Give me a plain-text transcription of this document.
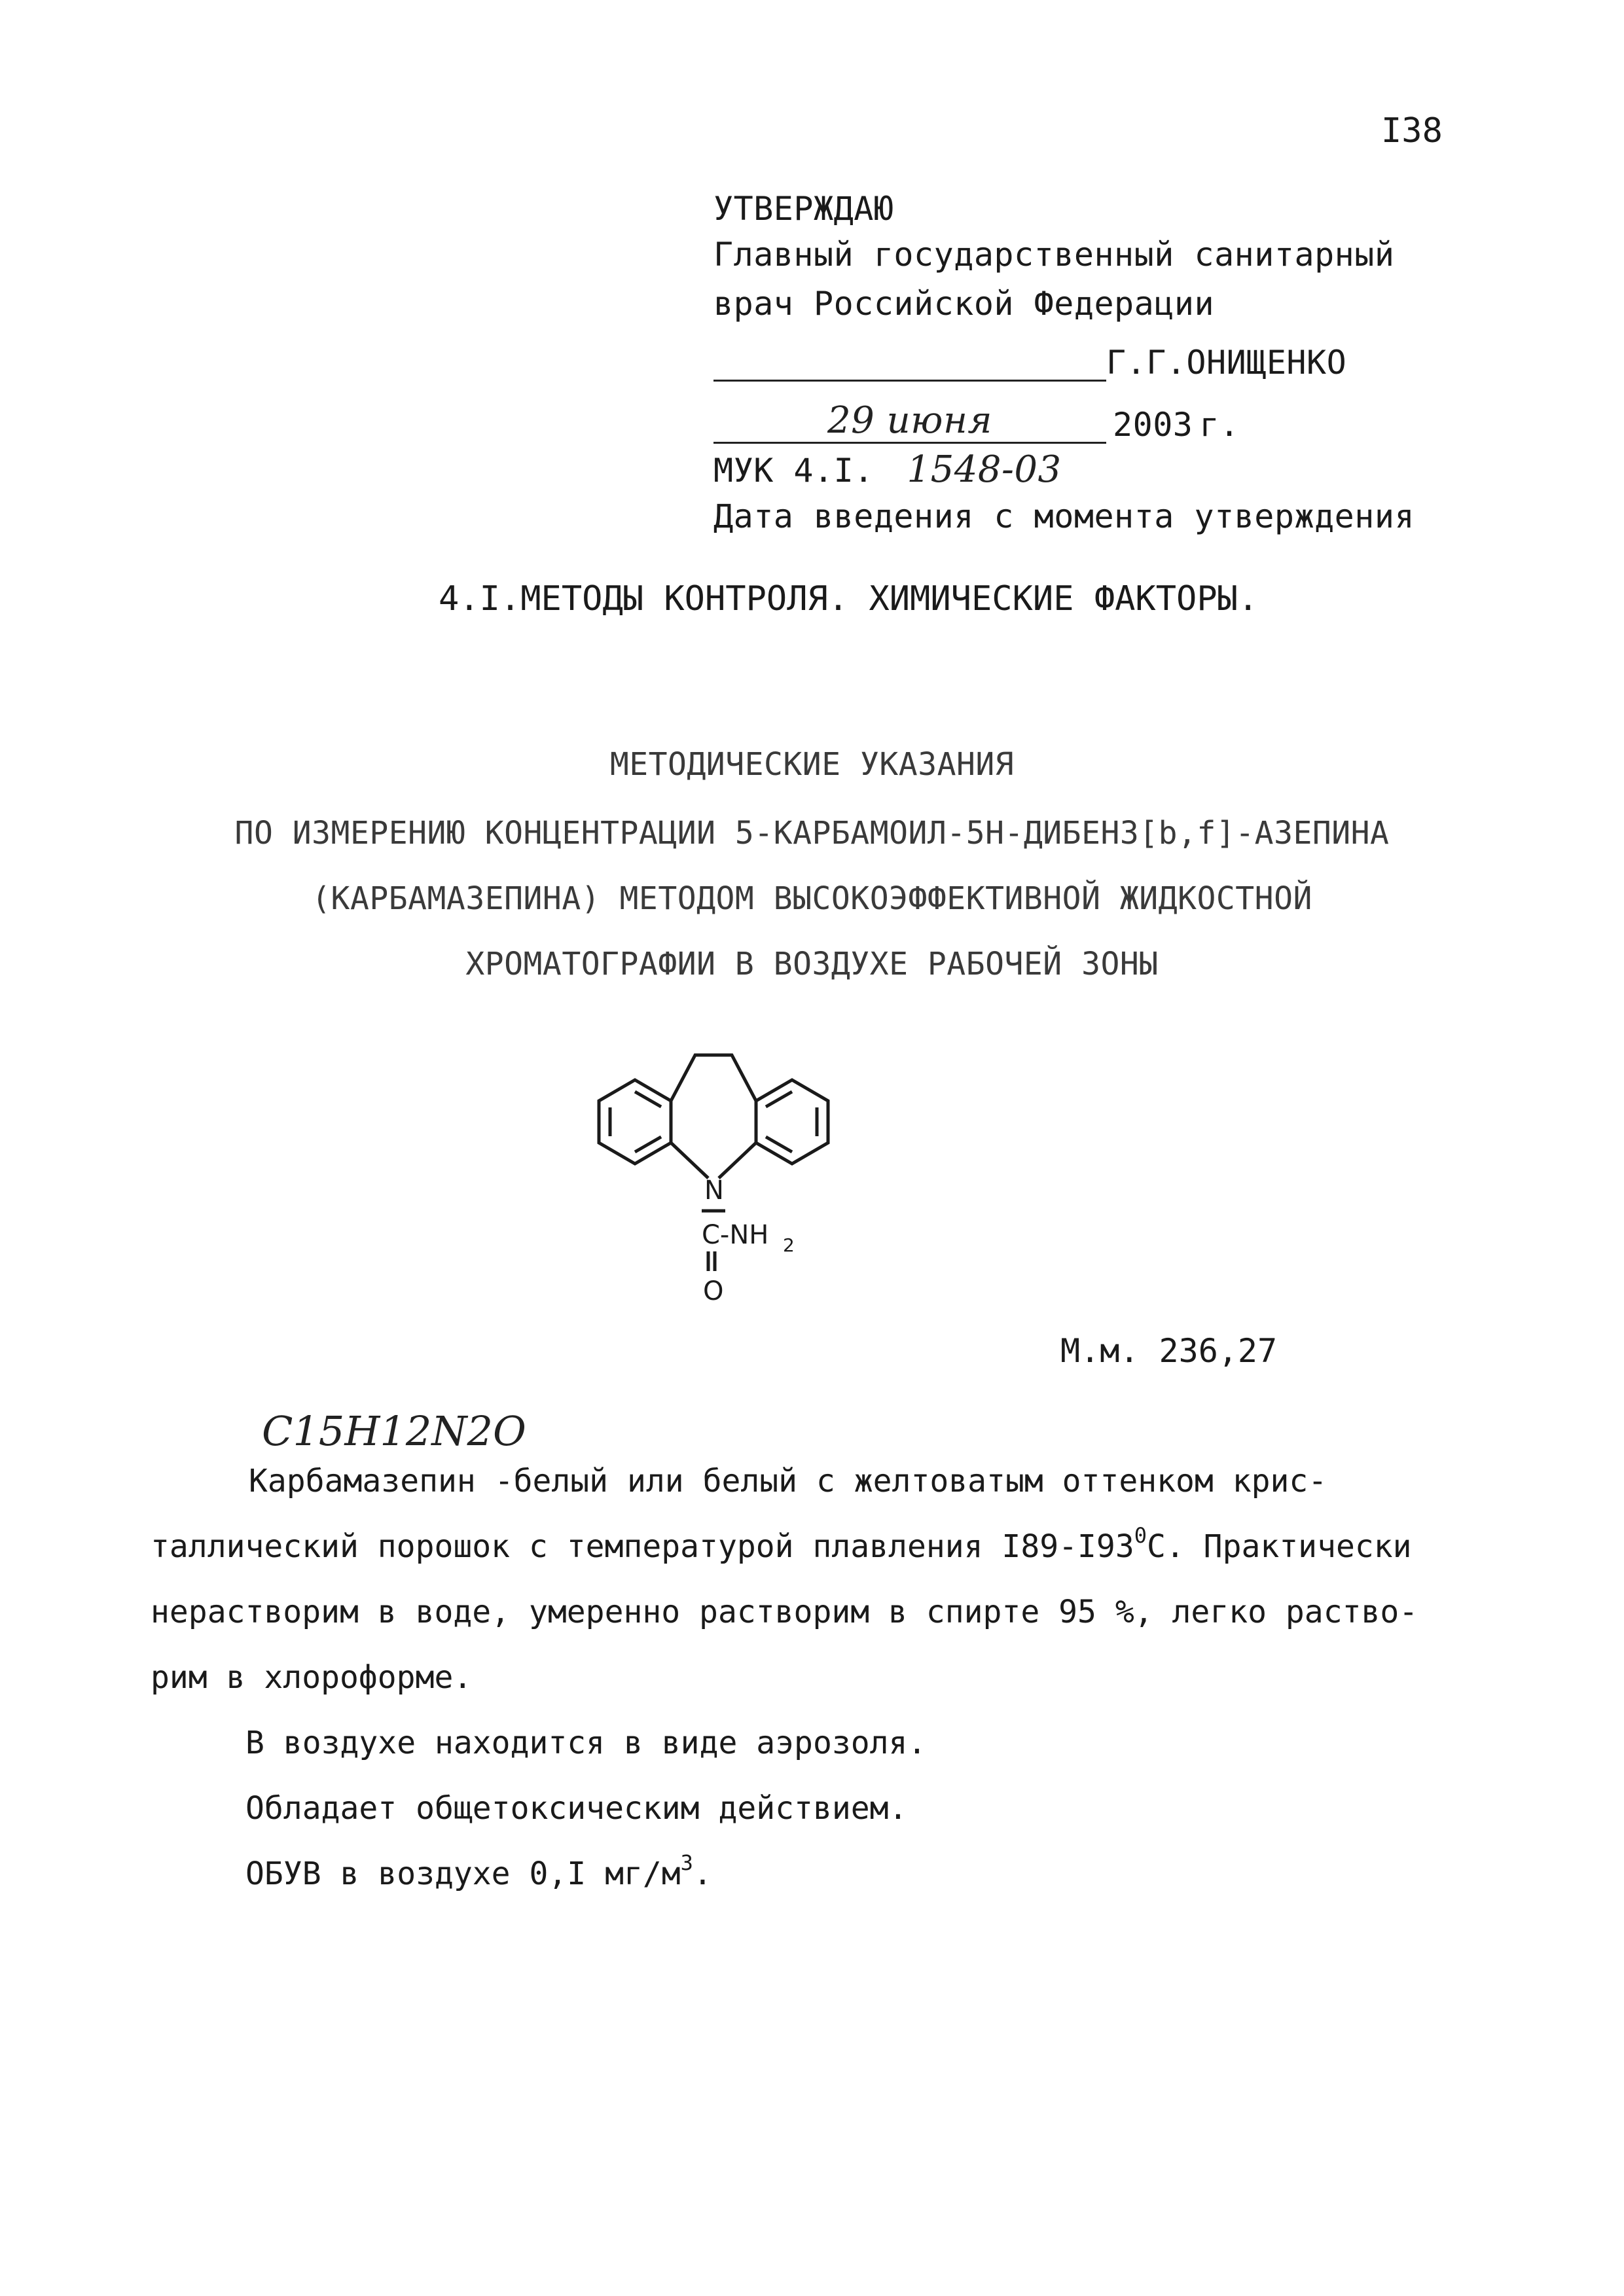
I38
УТВЕРЖДАЮ
Главный государственный санитарный
врач Российской Федерации
Г.Г.ОНИЩЕНКО
29 июня	2003 г.
МУК 4.I. 1548-03
Дата введения с момента утверждения
4.I.МЕТОДЫ КОНТРОЛЯ. ХИМИЧЕСКИЕ ФАКТОРЫ.
МЕТОДИЧЕСКИЕ УКАЗАНИЯ
ПО ИЗМЕРЕНИЮ КОНЦЕНТРАЦИИ 5-КАРБАМОИЛ-5Н-ДИБЕНЗ[b,f]-АЗЕПИНА
(КАРБАМАЗЕПИНА) МЕТОДОМ ВЫСОКОЭФФЕКТИВНОЙ ЖИДКОСТНОЙ
ХРОМАТОГРАФИИ В ВОЗДУХЕ РАБОЧЕЙ ЗОНЫ
N
C-NH 2
O
М.м. 236,27
C15H12N2O
Карбамазепин -белый или белый с желтоватым оттенком крис-
таллический порошок с температурой плавления $I89-I93^0С$. Практически
нерастворим в воде, умеренно растворим в спирте 95 %, легко раство-
рим в хлороформе.
В воздухе находится в виде аэрозоля.
Обладает общетоксическим действием.
ОБУВ в воздухе 0,I $мг/м^3$.
